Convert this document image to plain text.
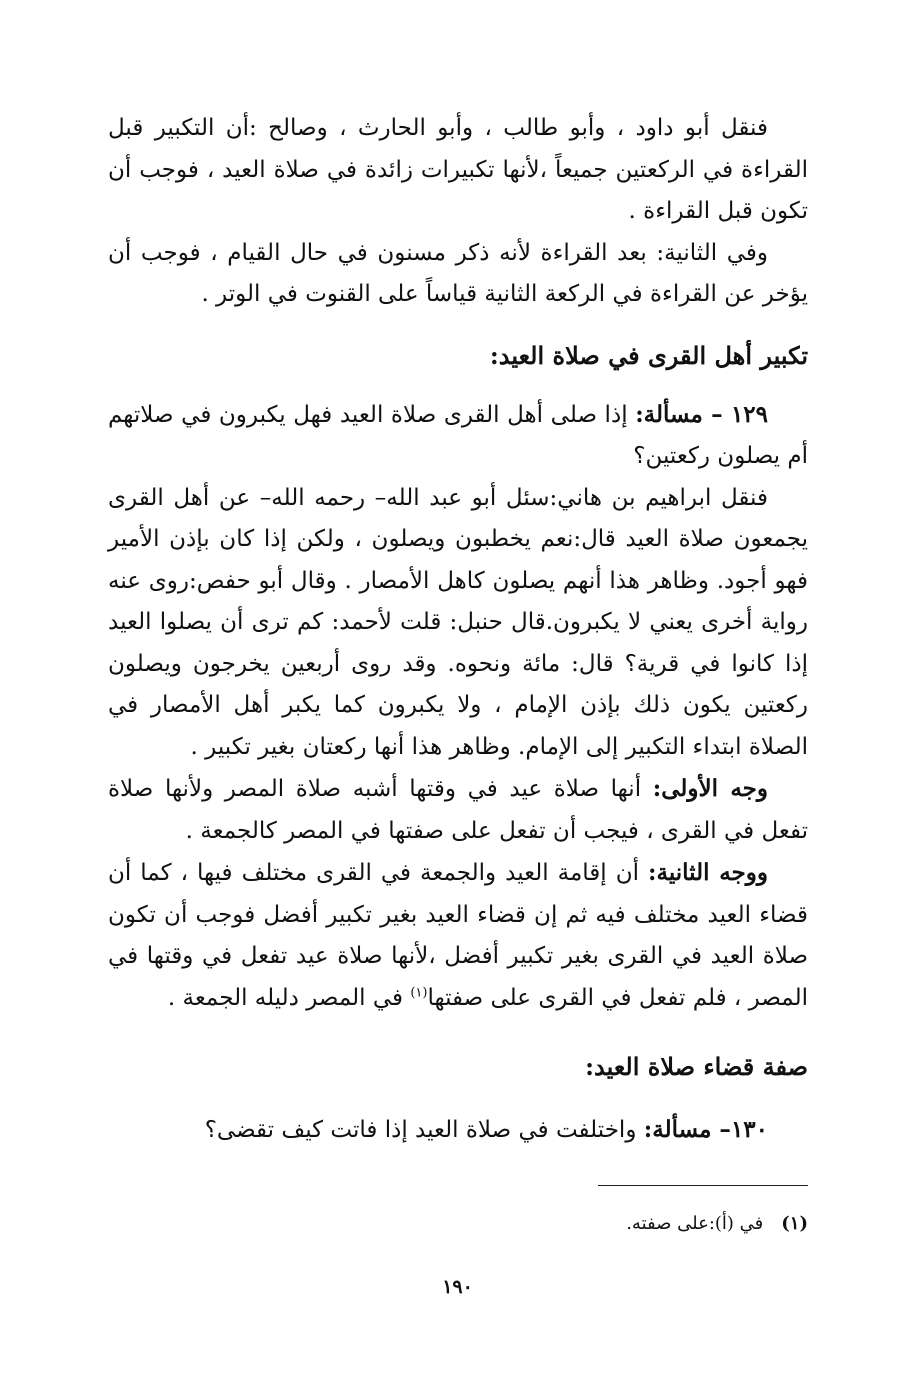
فنقل أبو داود ، وأبو طالب ، وأبو الحارث ، وصالح :أن التكبير قبل القراءة في الركعتين جميعاً ،لأنها تكبيرات زائدة في صلاة العيد ، فوجب أن تكون قبل القراءة .

وفي الثانية: بعد القراءة لأنه ذكر مسنون في حال القيام ، فوجب أن يؤخر عن القراءة في الركعة الثانية قياساً على القنوت في الوتر .

تكبير أهل القرى في صلاة العيد:

١٢٩ – مسألة: إذا صلى أهل القرى صلاة العيد فهل يكبرون في صلاتهم أم يصلون ركعتين؟

فنقل ابراهيم بن هاني:سئل أبو عبد الله– رحمه الله– عن أهل القرى يجمعون صلاة العيد قال:نعم يخطبون ويصلون ، ولكن إذا كان بإذن الأمير فهو أجود. وظاهر هذا أنهم يصلون كاهل الأمصار . وقال أبو حفص:روى عنه رواية أخرى يعني لا يكبرون.قال حنبل: قلت لأحمد: كم ترى أن يصلوا العيد إذا كانوا في قرية؟ قال: مائة ونحوه. وقد روى أربعين يخرجون ويصلون ركعتين يكون ذلك بإذن الإمام ، ولا يكبرون كما يكبر أهل الأمصار في الصلاة ابتداء التكبير إلى الإمام. وظاهر هذا أنها ركعتان بغير تكبير .

وجه الأولى: أنها صلاة عيد في وقتها أشبه صلاة المصر ولأنها صلاة تفعل في القرى ، فيجب أن تفعل على صفتها في المصر كالجمعة .

ووجه الثانية: أن إقامة العيد والجمعة في القرى مختلف فيها ، كما أن قضاء العيد مختلف فيه ثم إن قضاء العيد بغير تكبير أفضل فوجب أن تكون صلاة العيد في القرى بغير تكبير أفضل ،لأنها صلاة عيد تفعل في وقتها في المصر ، فلم تفعل في القرى على صفتها$^{(١)}$ في المصر دليله الجمعة .

صفة قضاء صلاة العيد:

١٣٠– مسألة: واختلفت في صلاة العيد إذا فاتت كيف تقضى؟

(١)في (أ):على صفته.
١٩٠
